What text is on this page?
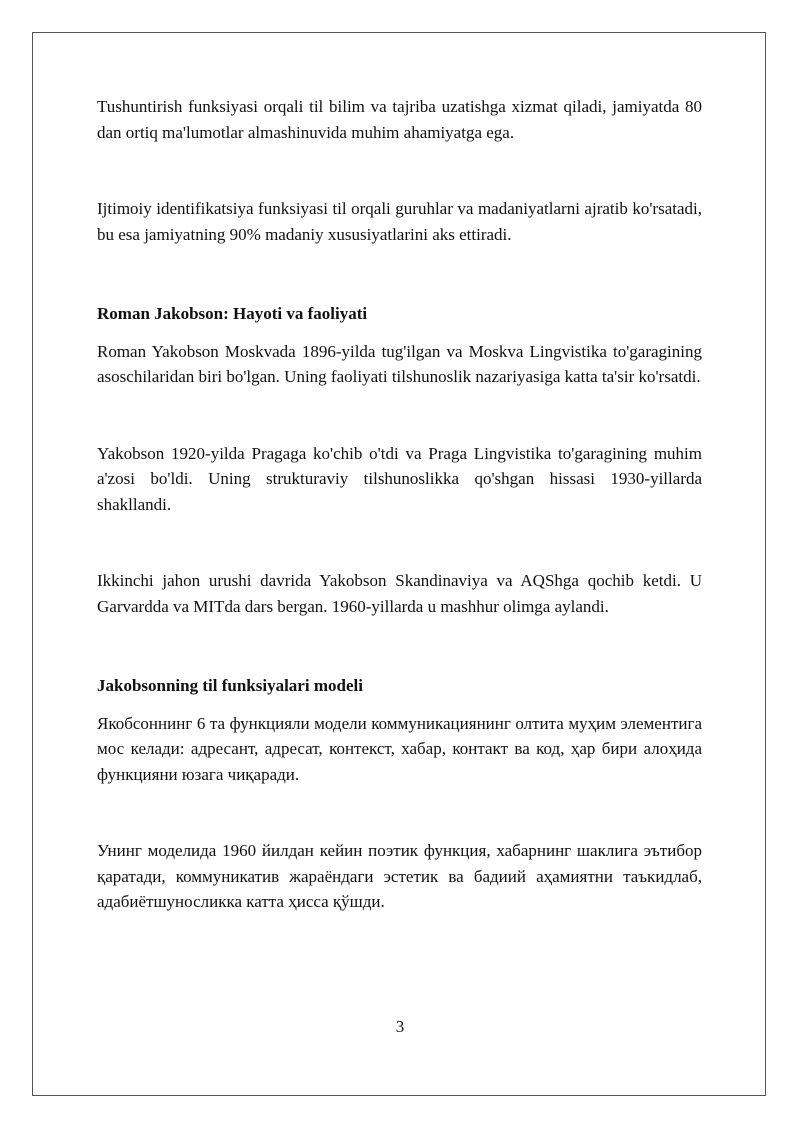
Tushuntirish funksiyasi orqali til bilim va tajriba uzatishga xizmat qiladi, jamiyatda 80 dan ortiq ma'lumotlar almashinuvida muhim ahamiyatga ega.

Ijtimoiy identifikatsiya funksiyasi til orqali guruhlar va madaniyatlarni ajratib ko'rsatadi, bu esa jamiyatning 90% madaniy xususiyatlarini aks ettiradi.

Roman Jakobson: Hayoti va faoliyati

Roman Yakobson Moskvada 1896-yilda tug'ilgan va Moskva Lingvistika to'garagining asoschilaridan biri bo'lgan. Uning faoliyati tilshunoslik nazariyasiga katta ta'sir ko'rsatdi.

Yakobson 1920-yilda Pragaga ko'chib o'tdi va Praga Lingvistika to'garagining muhim a'zosi bo'ldi. Uning strukturaviy tilshunoslikka qo'shgan hissasi 1930-yillarda shakllandi.

Ikkinchi jahon urushi davrida Yakobson Skandinaviya va AQShga qochib ketdi. U Garvardda va MITda dars bergan. 1960-yillarda u mashhur olimga aylandi.

Jakobsonning til funksiyalari modeli

Якобсоннинг 6 та функцияли модели коммуникациянинг олтита муҳим элементига мос келади: адресант, адресат, контекст, хабар, контакт ва код, ҳар бири алоҳида функцияни юзага чиқаради.

Унинг моделида 1960 йилдан кейин поэтик функция, хабарнинг шаклига эътибор қаратади, коммуникатив жараёндаги эстетик ва бадиий аҳамиятни таъкидлаб, адабиётшуносликка катта ҳисса қўшди.

3
